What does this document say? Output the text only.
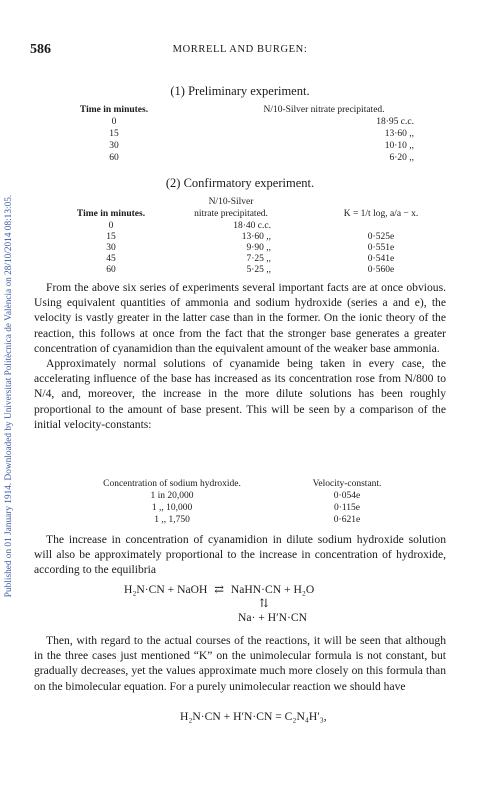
Published on 01 January 1914. Downloaded by Universitat Politècnica de València on 28/10/2014 08:13:05.
586	MORRELL AND BURGEN:
(1) Preliminary experiment.
Time in minutes.	N/10-Silver nitrate precipitated.
0	18·95 c.c.
15	13·60 ,,
30	10·10 ,,
60	6·20 ,,
(2) Confirmatory experiment.
N/10-Silver
Time in minutes.	nitrate precipitated.	K = 1/t log, a/a − x.
0	18·40 c.c.
15	13·60 ,,	0·525e
30	9·90 ,,	0·551e
45	7·25 ,,	0·541e
60	5·25 ,,	0·560e

From the above six series of experiments several important facts are at once obvious. Using equivalent quantities of ammonia and sodium hydroxide (series a and e), the velocity is vastly greater in the latter case than in the former. On the ionic theory of the reaction, this follows at once from the fact that the stronger base generates a greater concentration of cyanamidion than the equivalent amount of the weaker base ammonia.

Approximately normal solutions of cyanamide being taken in every case, the accelerating influence of the base has increased as its concentration rose from N/800 to N/4, and, moreover, the increase in the more dilute solutions has been roughly proportional to the amount of base present. This will be seen by a comparison of the initial velocity-constants:

Concentration of sodium hydroxide.	Velocity-constant.
1 in 20,000	0·054e
1 ,, 10,000	0·115e
1 ,, 1,750	0·621e

The increase in concentration of cyanamidion in dilute sodium hydroxide solution will also be approximately proportional to the increase in concentration of hydroxide, according to the equilibria

H₂N·CN + NaOH ⇄ NaHN·CN + H₂O
⇅
Na· + H′N·CN

Then, with regard to the actual courses of the reactions, it will be seen that although in the three cases just mentioned “K” on the unimolecular formula is not constant, but gradually decreases, yet the values approximate much more closely on this formula than on the bimolecular equation. For a purely unimolecular reaction we should have

H₂N·CN + H′N·CN = C₂N₄H′₃,
